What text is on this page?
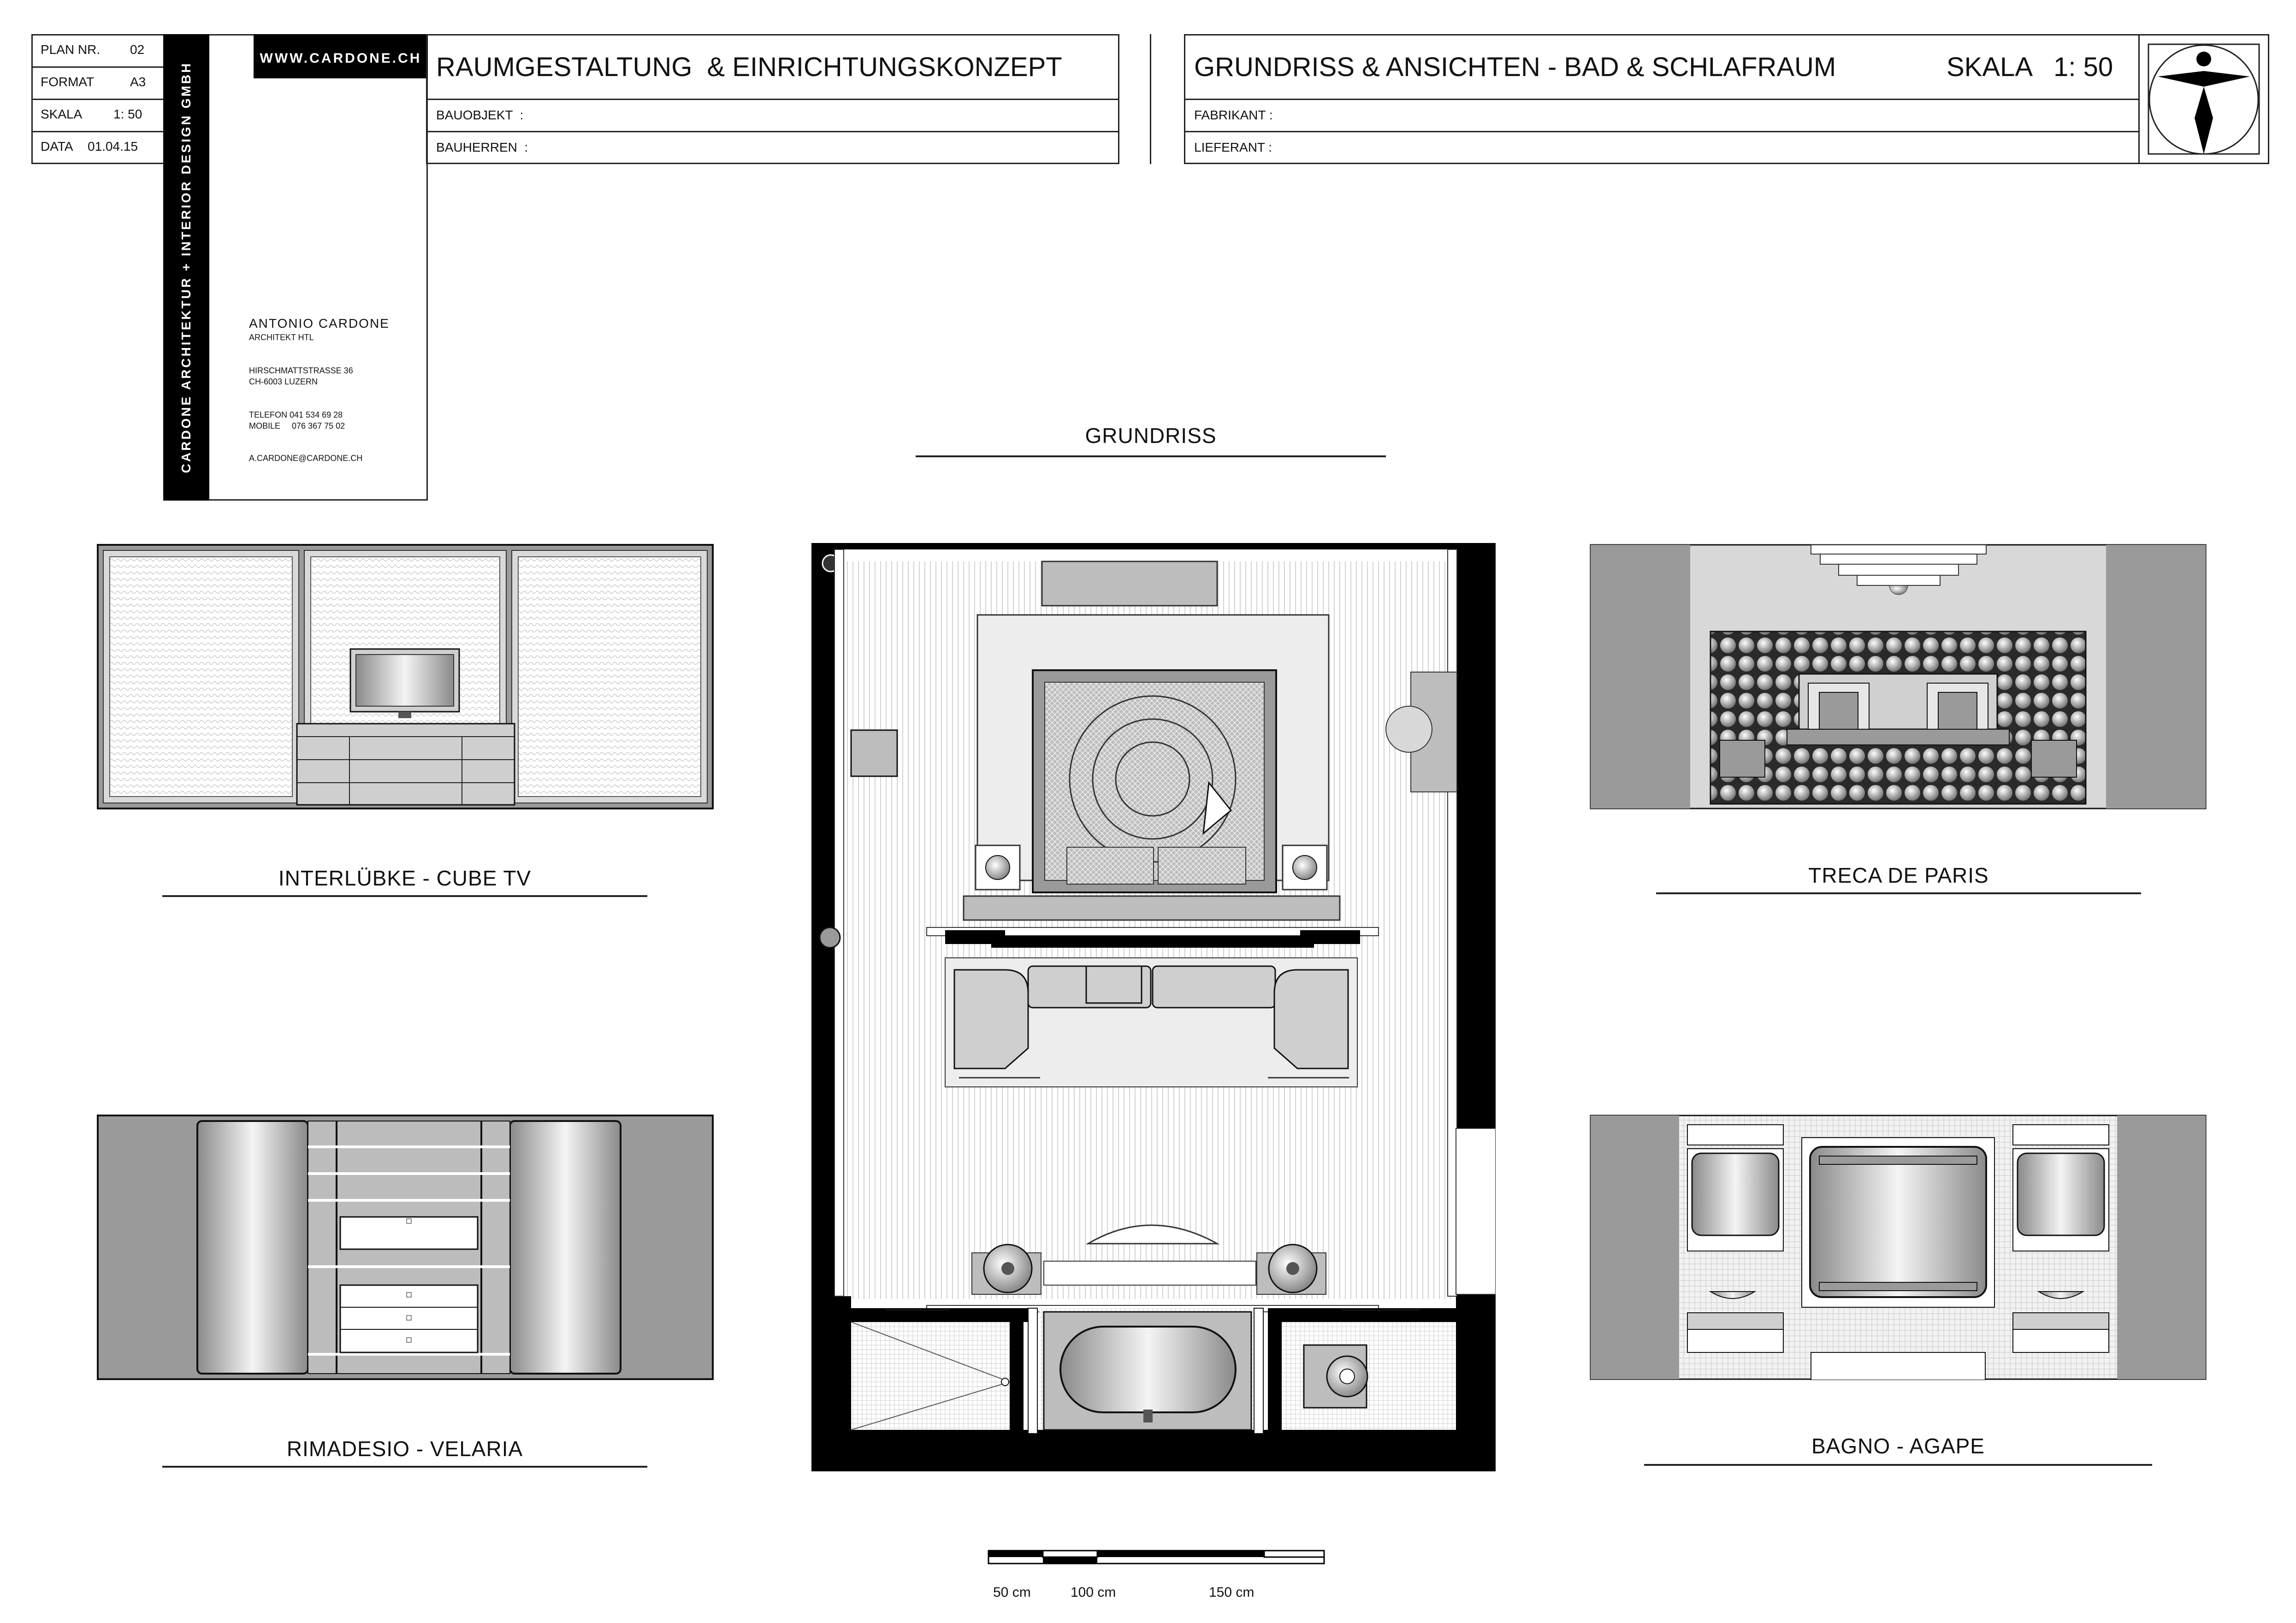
PLAN NR. 02
FORMAT	A3
SKALA 1: 50
DATA 01.04.15	CARDONE ARCHITEKTUR + INTERIOR DESIGN GMBH
WWW.CARDONE.CH
ANTONIO CARDONE
ARCHITEKT HTL
HIRSCHMATTSTRASSE 36
CH-6003 LUZERN
TELEFON 041 534 69 28
MOBILE     076 367 75 02
A.CARDONE@CARDONE.CH
RAUMGESTALTUNG  & EINRICHTUNGSKONZEPT
BAUOBJEKT  :
BAUHERREN  :
GRUNDRISS & ANSICHTEN - BAD & SCHLAFRAUM	SKALA   1: 50
FABRIKANT :
LIEFERANT :
GRUNDRISS
INTERLÜBKE - CUBE TV
RIMADESIO - VELARIA
TRECA DE PARIS
BAGNO - AGAPE
50 cm	100 cm	150 cm
